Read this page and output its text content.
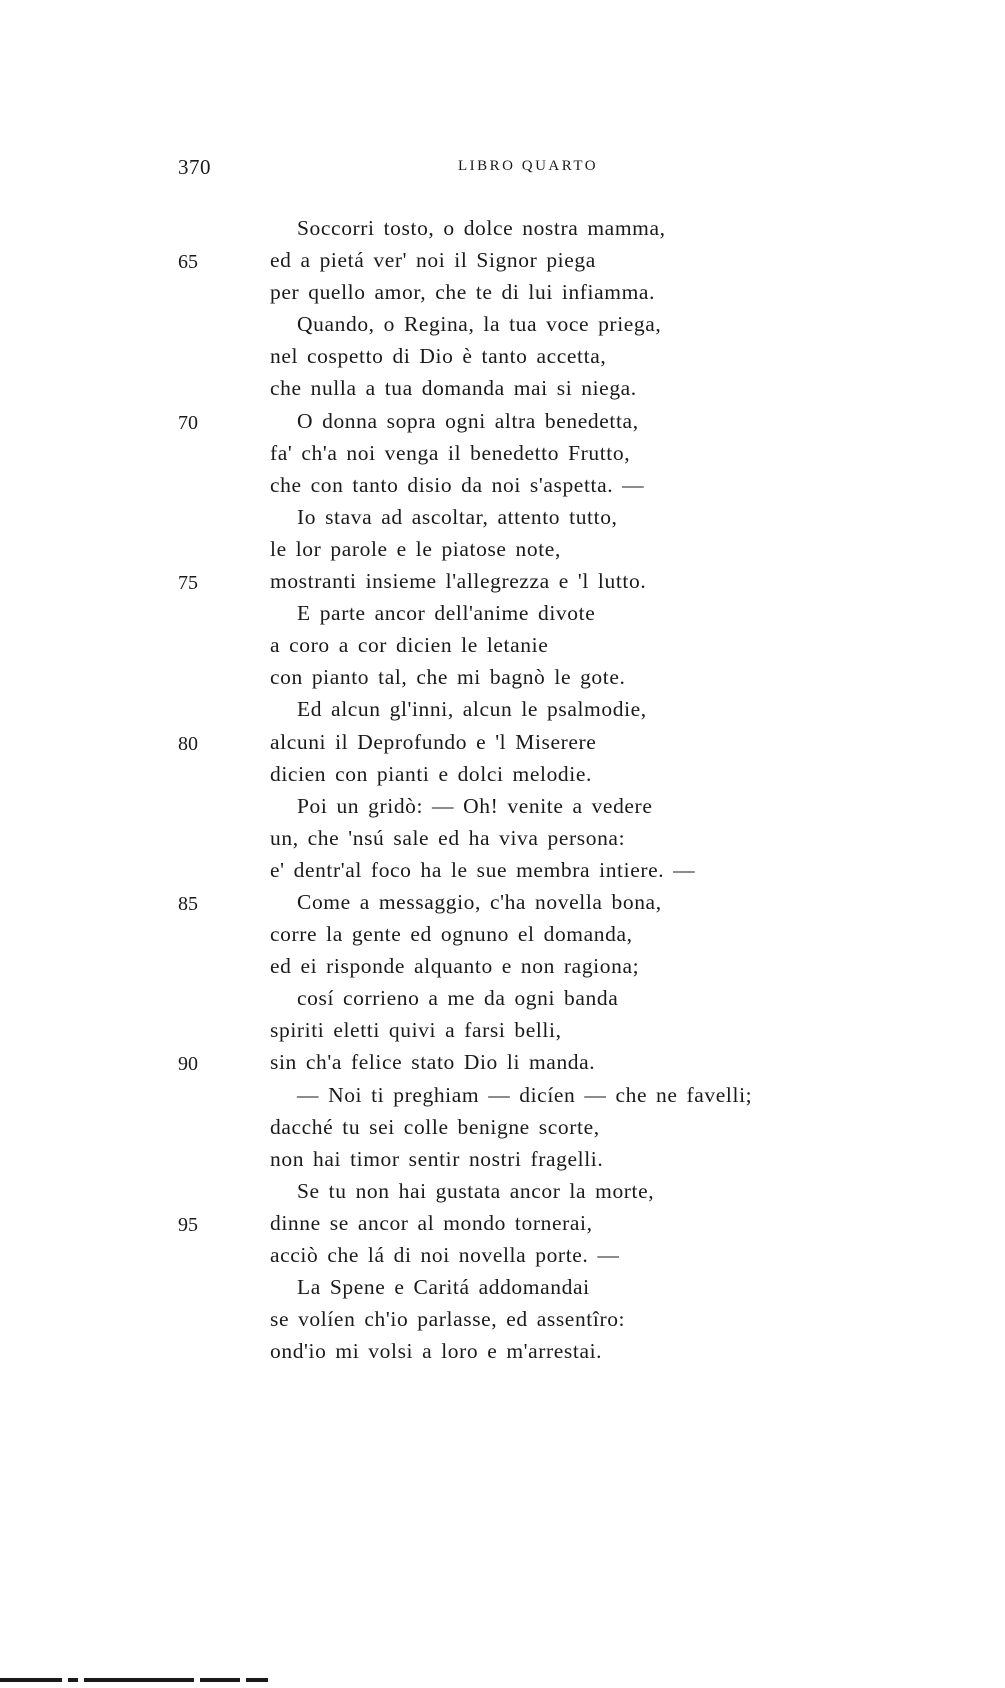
370	LIBRO QUARTO
Soccorri tosto, o dolce nostra mamma,
65	ed a pietá ver' noi il Signor piega
per quello amor, che te di lui infiamma.
Quando, o Regina, la tua voce priega,
nel cospetto di Dio è tanto accetta,
che nulla a tua domanda mai si niega.
70	O donna sopra ogni altra benedetta,
fa' ch'a noi venga il benedetto Frutto,
che con tanto disio da noi s'aspetta. —
Io stava ad ascoltar, attento tutto,
le lor parole e le piatose note,
75	mostranti insieme l'allegrezza e 'l lutto.
E parte ancor dell'anime divote
a coro a cor dicien le letanie
con pianto tal, che mi bagnò le gote.
Ed alcun gl'inni, alcun le psalmodie,
80	alcuni il Deprofundo e 'l Miserere
dicien con pianti e dolci melodie.
Poi un gridò: — Oh! venite a vedere
un, che 'nsú sale ed ha viva persona:
e' dentr'al foco ha le sue membra intiere. —
85	Come a messaggio, c'ha novella bona,
corre la gente ed ognuno el domanda,
ed ei risponde alquanto e non ragiona;
cosí corrieno a me da ogni banda
spiriti eletti quivi a farsi belli,
90	sin ch'a felice stato Dio li manda.
— Noi ti preghiam — dicíen — che ne favelli;
dacché tu sei colle benigne scorte,
non hai timor sentir nostri fragelli.
Se tu non hai gustata ancor la morte,
95	dinne se ancor al mondo tornerai,
acciò che lá di noi novella porte. —
La Spene e Caritá addomandai
se volíen ch'io parlasse, ed assentîro:
ond'io mi volsi a loro e m'arrestai.
